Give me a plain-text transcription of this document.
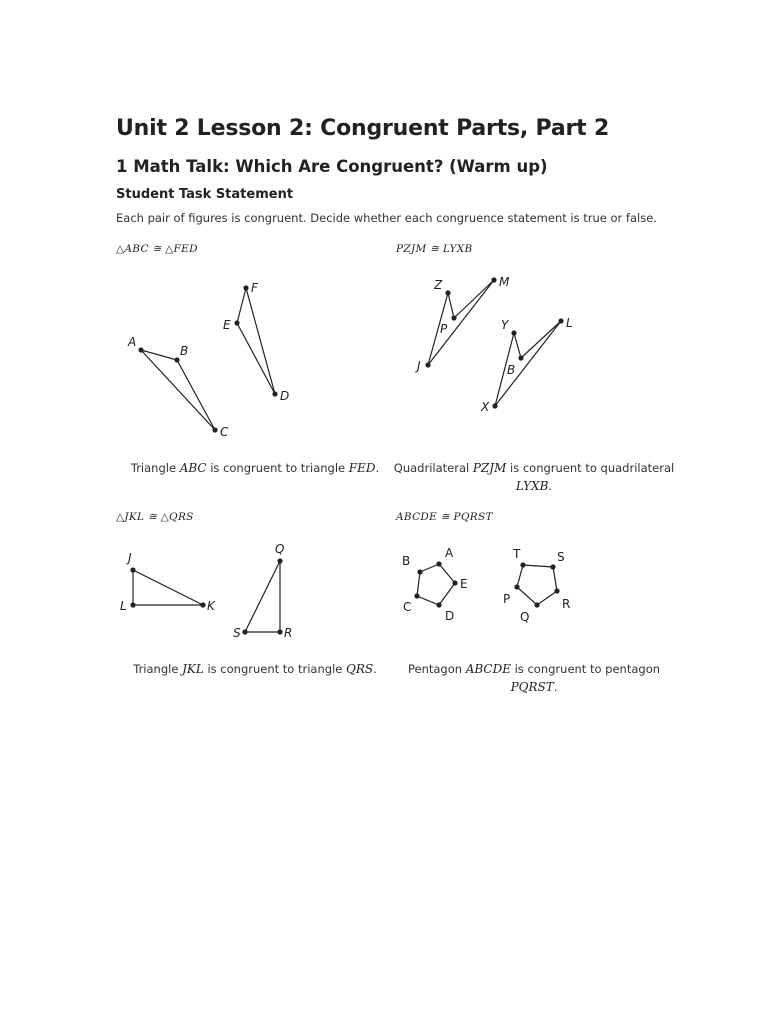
Unit 2 Lesson 2: Congruent Parts, Part 2
1 Math Talk: Which Are Congruent? (Warm up)
Student Task Statement
Each pair of figures is congruent. Decide whether each congruence statement is true or false.
△ABC ≅ △FED
A
B
C
F
E
D
Triangle ABC is congruent to triangle FED.
PZJM ≅ LYXB
Z	M
P
J
Y	L
B
X
Quadrilateral PZJM is congruent to quadrilateral LYXB.
△JKL ≅ △QRS
J
L	K
Q
S	R
Triangle JKL is congruent to triangle QRS.
ABCDE ≅ PQRST
A
B
E
C
D
T	S
P	R
Q
Pentagon ABCDE is congruent to pentagon PQRST.
